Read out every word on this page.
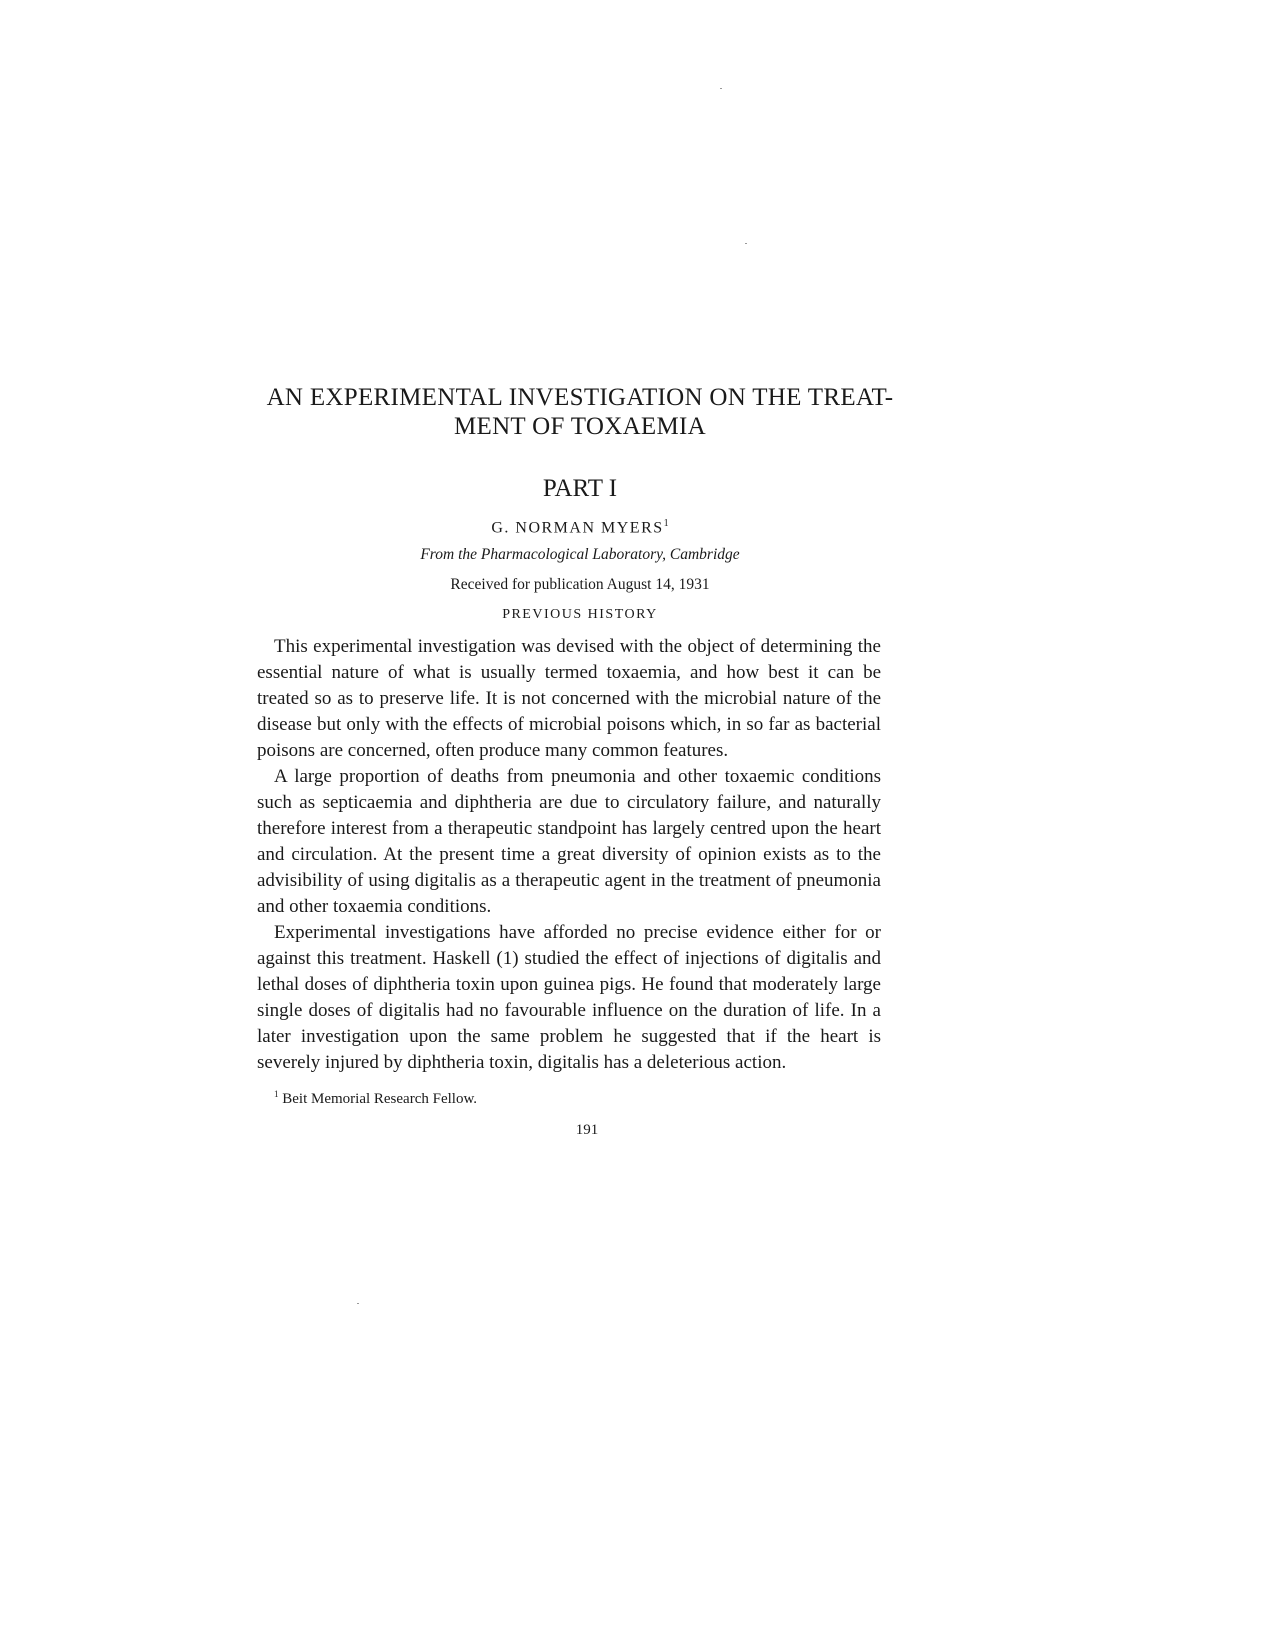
AN EXPERIMENTAL INVESTIGATION ON THE TREAT-
MENT OF TOXAEMIA
PART I
G. NORMAN MYERS$^1$
From the Pharmacological Laboratory, Cambridge
Received for publication August 14, 1931
PREVIOUS HISTORY

This experimental investigation was devised with the object of determining the essential nature of what is usually termed toxaemia, and how best it can be treated so as to preserve life. It is not concerned with the microbial nature of the disease but only with the effects of microbial poisons which, in so far as bacterial poisons are concerned, often produce many common features.

A large proportion of deaths from pneumonia and other toxaemic conditions such as septicaemia and diphtheria are due to circulatory failure, and naturally therefore interest from a therapeutic standpoint has largely centred upon the heart and circulation. At the present time a great diversity of opinion exists as to the advisibility of using digitalis as a therapeutic agent in the treatment of pneumonia and other toxaemia conditions.

Experimental investigations have afforded no precise evidence either for or against this treatment. Haskell (1) studied the effect of injections of digitalis and lethal doses of diphtheria toxin upon guinea pigs. He found that moderately large single doses of digitalis had no favourable influence on the duration of life. In a later investigation upon the same problem he suggested that if the heart is severely injured by diphtheria toxin, digitalis has a deleterious action.

$^1$ Beit Memorial Research Fellow.
191
